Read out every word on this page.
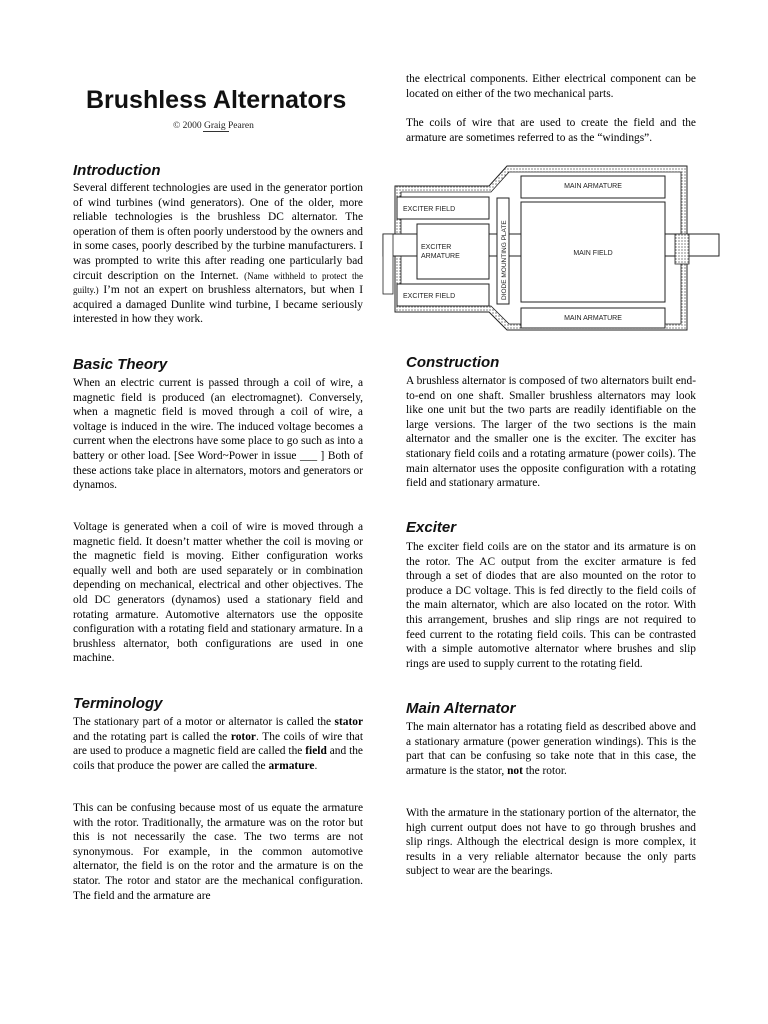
Brushless Alternators
© 2000 Graig Pearen
Introduction

Several different technologies are used in the generator portion of wind turbines (wind generators). One of the older, more reliable technologies is the brushless DC alternator. The operation of them is often poorly understood by the owners and in some cases, poorly described by the turbine manufacturers. I was prompted to write this after reading one particularly bad circuit description on the Internet. (Name withheld to protect the guilty.) I’m not an expert on brushless alternators, but when I acquired a damaged Dunlite wind turbine, I became seriously interested in how they work.

Basic Theory

When an electric current is passed through a coil of wire, a magnetic field is produced (an electromagnet). Conversely, when a magnetic field is moved through a coil of wire, a voltage is induced in the wire. The induced voltage becomes a current when the electrons have some place to go such as into a battery or other load. [See Word~Power in issue ___ ] Both of these actions take place in alternators, motors and generators or dynamos.

Voltage is generated when a coil of wire is moved through a magnetic field. It doesn’t matter whether the coil is moving or the magnetic field is moving. Either configuration works equally well and both are used separately or in combination depending on mechanical, electrical and other objectives. The old DC generators (dynamos) used a stationary field and rotating armature. Automotive alternators use the opposite configuration with a rotating field and stationary armature. In a brushless alternator, both configurations are used in one machine.

Terminology

The stationary part of a motor or alternator is called the stator and the rotating part is called the rotor. The coils of wire that are used to produce a magnetic field are called the field and the coils that produce the power are called the armature.

This can be confusing because most of us equate the armature with the rotor. Traditionally, the armature was on the rotor but this is not necessarily the case. The two terms are not synonymous. For example, in the common automotive alternator, the field is on the rotor and the armature is on the stator. The rotor and stator are the mechanical configuration. The field and the armature are

the electrical components. Either electrical component can be located on either of the two mechanical parts.

The coils of wire that are used to create the field and the armature are sometimes referred to as the “windings”.

EXCITER FIELD
EXCITER
ARMATURE
EXCITER FIELD	DIODE MOUNTING PLATE
MAIN ARMATURE
MAIN FIELD
MAIN ARMATURE
Construction

A brushless alternator is composed of two alternators built end-to-end on one shaft. Smaller brushless alternators may look like one unit but the two parts are readily identifiable on the large versions. The larger of the two sections is the main alternator and the smaller one is the exciter. The exciter has stationary field coils and a rotating armature (power coils). The main alternator uses the opposite configuration with a rotating field and stationary armature.

Exciter

The exciter field coils are on the stator and its armature is on the rotor. The AC output from the exciter armature is fed through a set of diodes that are also mounted on the rotor to produce a DC voltage. This is fed directly to the field coils of the main alternator, which are also located on the rotor. With this arrangement, brushes and slip rings are not required to feed current to the rotating field coils. This can be contrasted with a simple automotive alternator where brushes and slip rings are used to supply current to the rotating field.

Main Alternator

The main alternator has a rotating field as described above and a stationary armature (power generation windings). This is the part that can be confusing so take note that in this case, the armature is the stator, not the rotor.

With the armature in the stationary portion of the alternator, the high current output does not have to go through brushes and slip rings. Although the electrical design is more complex, it results in a very reliable alternator because the only parts subject to wear are the bearings.
